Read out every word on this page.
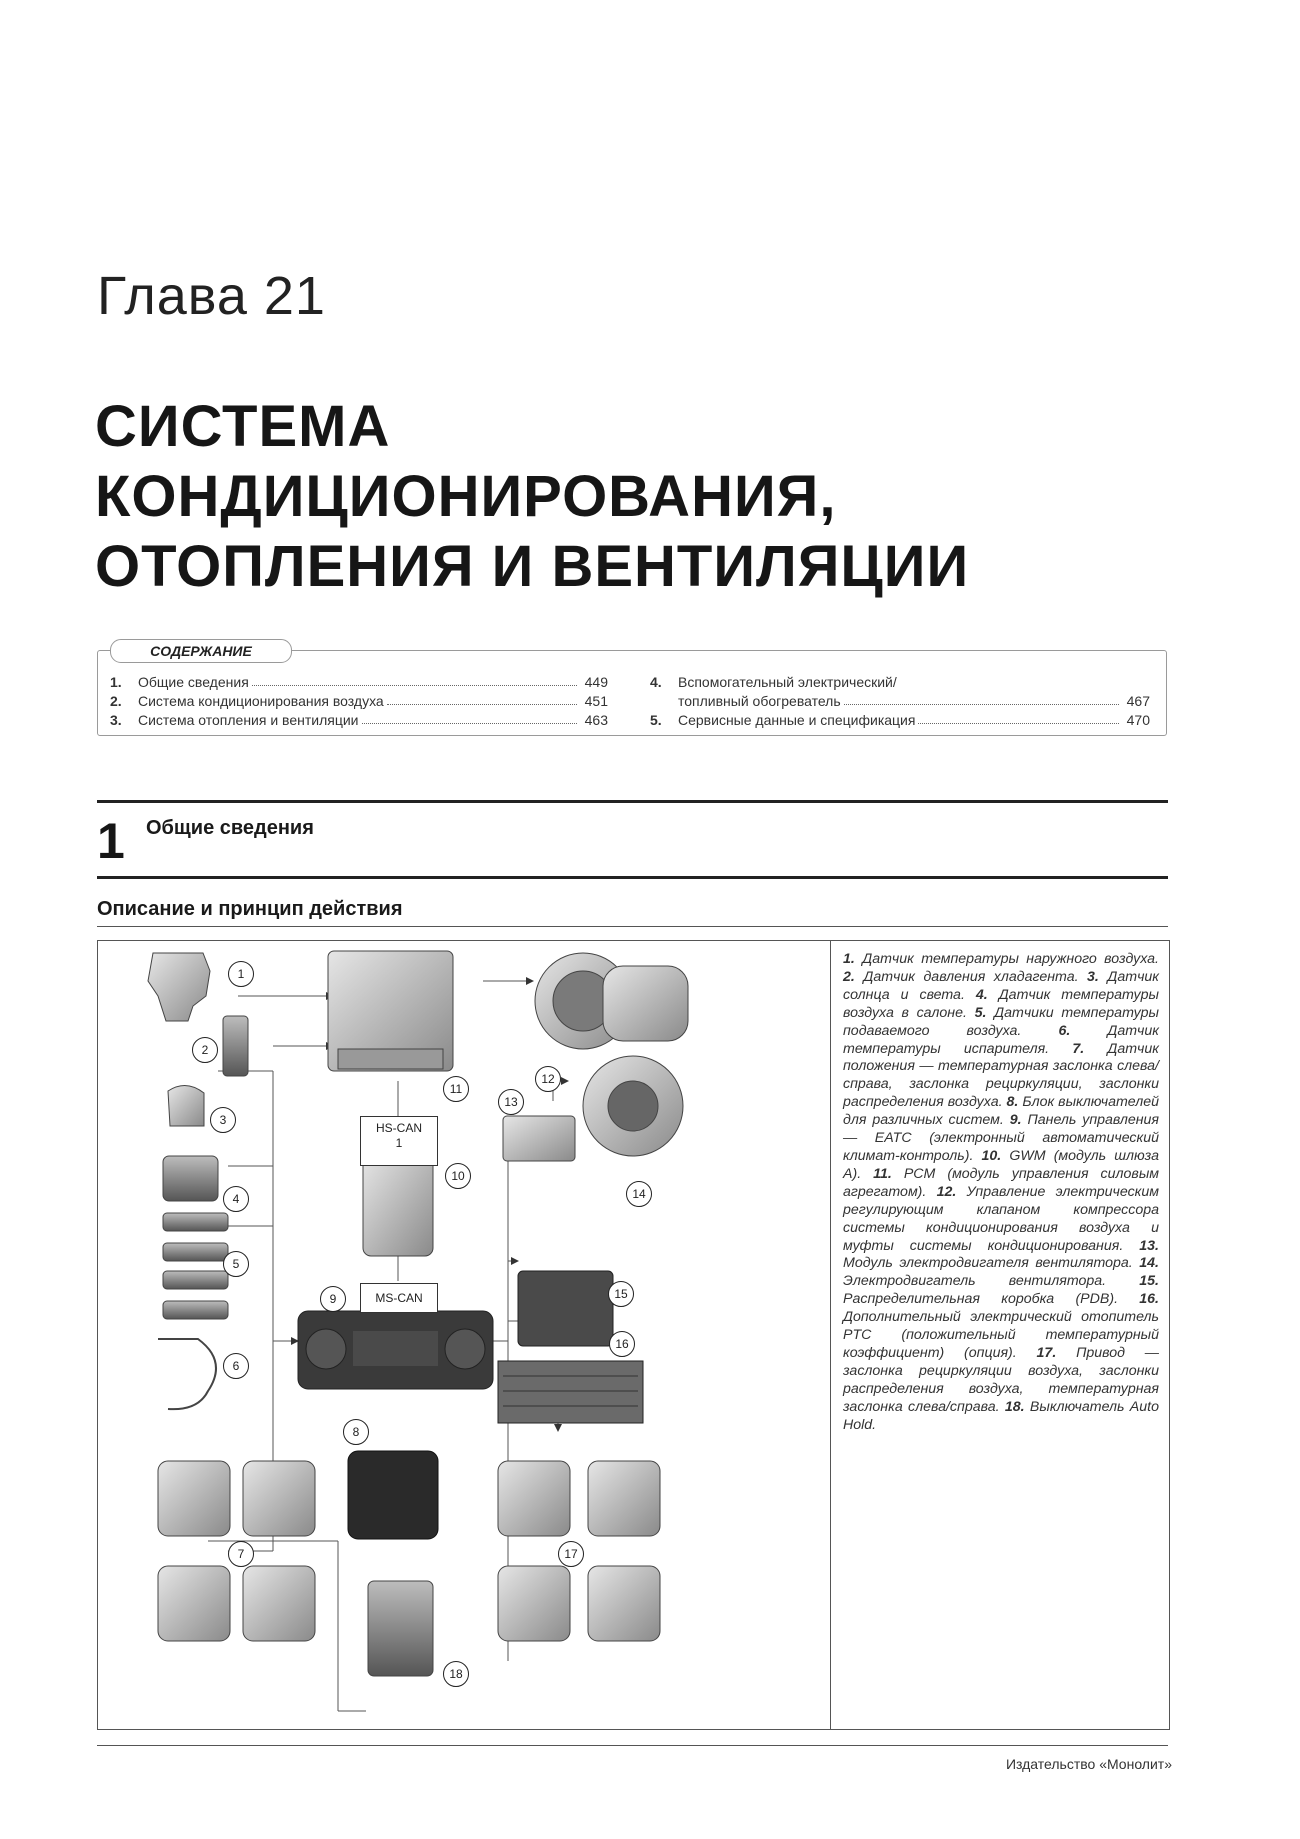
Глава 21
СИСТЕМА
КОНДИЦИОНИРОВАНИЯ,
ОТОПЛЕНИЯ И ВЕНТИЛЯЦИИ
СОДЕРЖАНИЕ
1.	Общие сведения	449
2.	Система кондиционирования воздуха	451
3.	Система отопления и вентиляции	463
4.	Вспомогательный электрический/
топливный обогреватель	467
5.	Сервисные данные и спецификация	470
1 Общие сведения
Описание и принцип действия
HS-CAN
1
MS-CAN
1
2
3
4
5
6
7
8
9
10
11
12
13
14
15
16
17
18
1. Датчик температуры наружного воздуха. 2. Датчик давления хладагента. 3. Датчик солнца и света. 4. Датчик температуры воздуха в салоне. 5. Датчики температуры подаваемого воздуха. 6. Датчик температуры испарителя. 7. Датчик положения — температурная заслонка слева/справа, заслонка рециркуляции, заслонки распределения воздуха. 8. Блок выключателей для различных систем. 9. Панель управления — EATC (электронный автоматический климат-контроль). 10. GWM (модуль шлюза A). 11. PCM (модуль управления силовым агрегатом). 12. Управление электрическим регулирующим клапаном компрессора системы кондиционирования воздуха и муфты системы кондиционирования. 13. Модуль электродвигателя вентилятора. 14. Электродвигатель вентилятора. 15. Распределительная коробка (PDB). 16. Дополнительный электрический отопитель PTC (положительный температурный коэффициент) (опция). 17. Привод — заслонка рециркуляции воздуха, заслонки распределения воздуха, температурная заслонка слева/справа. 18. Выключатель Auto Hold.
Издательство «Монолит»
